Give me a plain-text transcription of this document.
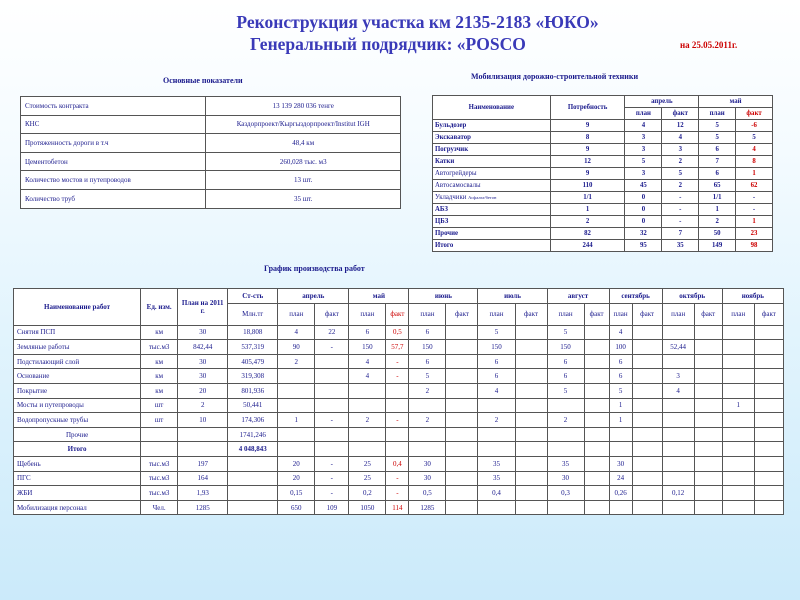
Реконструкция участка км 2135-2183 «ЮКО»
Генеральный подрядчик: «POSCO	на 25.05.2011г.
Основные показатели	Мобилизация дорожно-строительной техники
График производства работ
Стоимость контракта	13 139 280 036 тенге
КНС	Каздорпроект/Кыргыздорпроект/Institut IGH
Протяженность дороги в т.ч	48,4 км
Цементобетон	260,028 тыс. м3
Количество мостов и путепроводов	13 шт.
Количество труб	35 шт.
Наименование	Потребность	апрель		май	
		план	факт	план	факт
Бульдозер	9	4	12	5	-6
Экскаватор	8	3	4	5	5
Погрузчик	9	3	3	6	4
Катки	12	5	2	7	8
Автогрейдеры	9	3	5	6	1
Автосамосвалы	110	45	2	65	62
Укладчики Асфальт/бетон	1/1	0	-	1/1	-
АБЗ	1	0	-	1	-
ЦБЗ	2	0	-	2	1
Прочие	82	32	7	50	23
Итого	244	95	35	149	98
Наименование работ	Ед. изм.	План на 2011 г.	Ст-сть	апрель		май		июнь		июль		август		сентябрь		октябрь		ноябрь	
			Млн.тг	план	факт	план	факт	план	факт	план	факт	план	факт	план	факт	план	факт	план	факт
Снятия ПСП	км	30	18,808	4	22	6	0,5	6		5		5		4					
Земляные работы	тыс.м3	842,44	537,319	90	-	150	57,7	150		150		150		100		52,44			
Подстилающий слой	км	30	405,479	2		4	-	6		6		6		6					
Основание	км	30	319,308			4	-	5		6		6		6		3			
Покрытие	км	20	801,936					2		4		5		5		4			
Мосты и путепроводы	шт	2	50,441											1				1	
Водопропускные трубы	шт	10	174,306	1	-	2	-	2		2		2		1					
Прочие			1741,246																
Итого			4 048,843																
Щебень	тыс.м3	197		20	-	25	0,4	30		35		35		30					
ПГС	тыс.м3	164		20	-	25	-	30		35		30		24					
ЖБИ	тыс.м3	1,93		0,15	-	0,2	-	0,5		0,4		0,3		0,26		0,12			
Мобилизация персонал	Чел.	1285		650	109	1050	114	1285											
